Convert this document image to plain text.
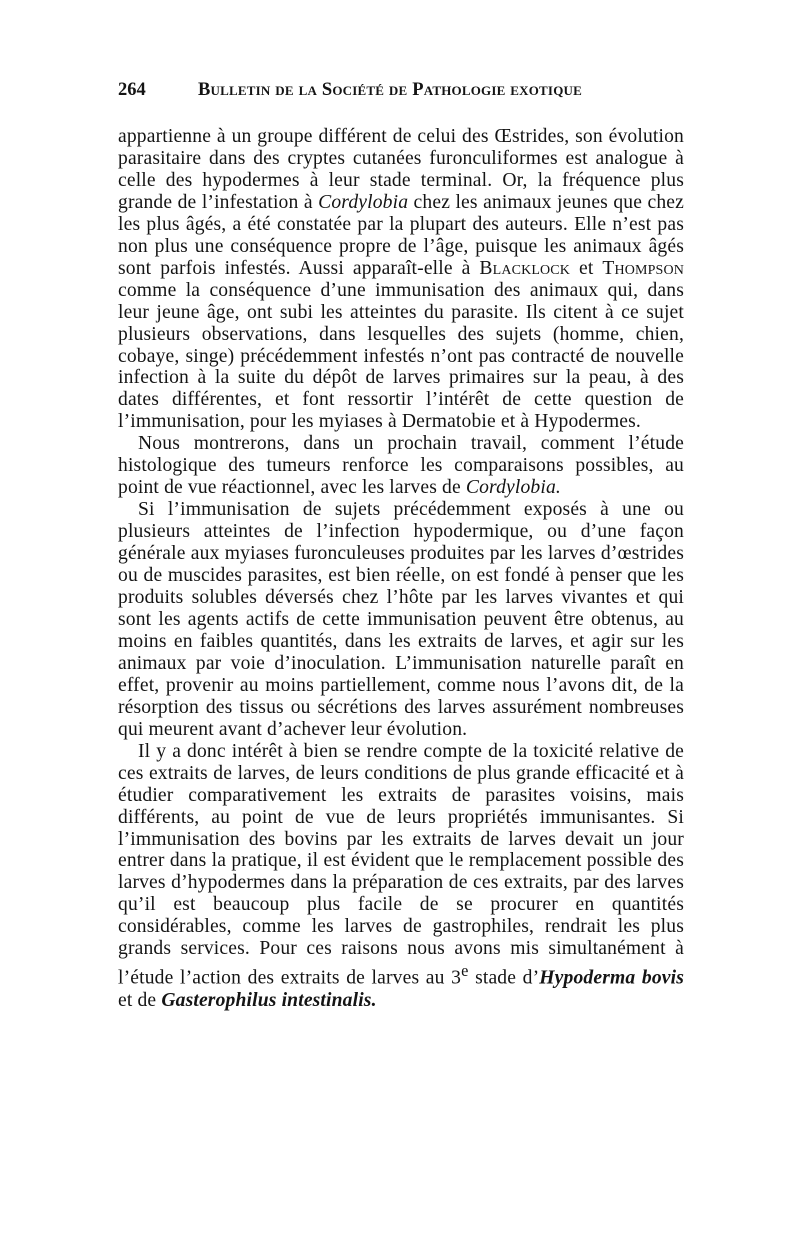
264	Bulletin de la Société de Pathologie exotique

appartienne à un groupe différent de celui des Œstrides, son évolution parasitaire dans des cryptes cutanées furonculiformes est analogue à celle des hypodermes à leur stade terminal. Or, la fréquence plus grande de l’infestation à Cordylobia chez les animaux jeunes que chez les plus âgés, a été constatée par la plupart des auteurs. Elle n’est pas non plus une conséquence propre de l’âge, puisque les animaux âgés sont parfois infestés. Aussi apparaît-elle à Blacklock et Thompson comme la conséquence d’une immunisation des animaux qui, dans leur jeune âge, ont subi les atteintes du parasite. Ils citent à ce sujet plusieurs observations, dans lesquelles des sujets (homme, chien, cobaye, singe) précédemment infestés n’ont pas contracté de nouvelle infection à la suite du dépôt de larves primaires sur la peau, à des dates différentes, et font ressortir l’intérêt de cette question de l’immunisation, pour les myiases à Dermatobie et à Hypodermes.

Nous montrerons, dans un prochain travail, comment l’étude histologique des tumeurs renforce les comparaisons possibles, au point de vue réactionnel, avec les larves de Cordylobia.

Si l’immunisation de sujets précédemment exposés à une ou plusieurs atteintes de l’infection hypodermique, ou d’une façon générale aux myiases furonculeuses produites par les larves d’œstrides ou de muscides parasites, est bien réelle, on est fondé à penser que les produits solubles déversés chez l’hôte par les larves vivantes et qui sont les agents actifs de cette immunisation peuvent être obtenus, au moins en faibles quantités, dans les extraits de larves, et agir sur les animaux par voie d’inoculation. L’immunisation naturelle paraît en effet, provenir au moins partiellement, comme nous l’avons dit, de la résorption des tissus ou sécrétions des larves assurément nombreuses qui meurent avant d’achever leur évolution.

Il y a donc intérêt à bien se rendre compte de la toxicité relative de ces extraits de larves, de leurs conditions de plus grande efficacité et à étudier comparativement les extraits de parasites voisins, mais différents, au point de vue de leurs propriétés immunisantes. Si l’immunisation des bovins par les extraits de larves devait un jour entrer dans la pratique, il est évident que le remplacement possible des larves d’hypodermes dans la préparation de ces extraits, par des larves qu’il est beaucoup plus facile de se procurer en quantités considérables, comme les larves de gastrophiles, rendrait les plus grands services. Pour ces raisons nous avons mis simultanément à l’étude l’action des extraits de larves au 3e stade d’Hypoderma bovis et de Gasterophilus intestinalis.
